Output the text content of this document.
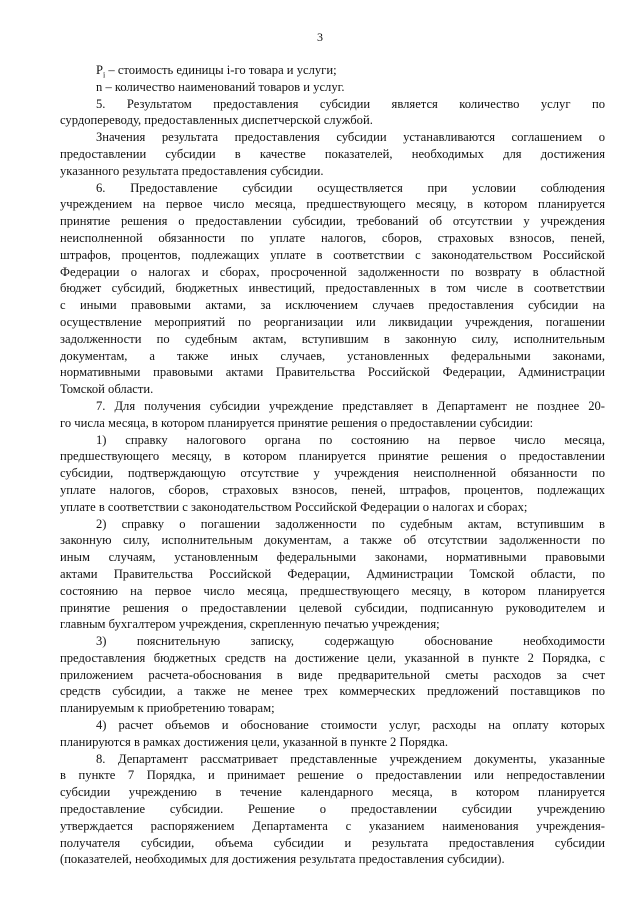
3
$P_i$ – стоимость единицы i-го товара и услуги;
n – количество наименований товаров и услуг.
5. Результатом предоставления субсидии является количество услуг по
сурдопереводу, предоставленных диспетчерской службой.
Значения результата предоставления субсидии устанавливаются соглашением о
предоставлении субсидии в качестве показателей, необходимых для достижения
указанного результата предоставления субсидии.
6. Предоставление субсидии осуществляется при условии соблюдения
учреждением на первое число месяца, предшествующего месяцу, в котором планируется
принятие решения о предоставлении субсидии, требований об отсутствии у учреждения
неисполненной обязанности по уплате налогов, сборов, страховых взносов, пеней,
штрафов, процентов, подлежащих уплате в соответствии с законодательством Российской
Федерации о налогах и сборах, просроченной задолженности по возврату в областной
бюджет субсидий, бюджетных инвестиций, предоставленных в том числе в соответствии
с иными правовыми актами, за исключением случаев предоставления субсидии на
осуществление мероприятий по реорганизации или ликвидации учреждения, погашении
задолженности по судебным актам, вступившим в законную силу, исполнительным
документам, а также иных случаев, установленных федеральными законами,
нормативными правовыми актами Правительства Российской Федерации, Администрации
Томской области.
7. Для получения субсидии учреждение представляет в Департамент не позднее 20-
го числа месяца, в котором планируется принятие решения о предоставлении субсидии:
1) справку налогового органа по состоянию на первое число месяца,
предшествующего месяцу, в котором планируется принятие решения о предоставлении
субсидии, подтверждающую отсутствие у учреждения неисполненной обязанности по
уплате налогов, сборов, страховых взносов, пеней, штрафов, процентов, подлежащих
уплате в соответствии с законодательством Российской Федерации о налогах и сборах;
2) справку о погашении задолженности по судебным актам, вступившим в
законную силу, исполнительным документам, а также об отсутствии задолженности по
иным случаям, установленным федеральными законами, нормативными правовыми
актами Правительства Российской Федерации, Администрации Томской области, по
состоянию на первое число месяца, предшествующего месяцу, в котором планируется
принятие решения о предоставлении целевой субсидии, подписанную руководителем и
главным бухгалтером учреждения, скрепленную печатью учреждения;
3) пояснительную записку, содержащую обоснование необходимости
предоставления бюджетных средств на достижение цели, указанной в пункте 2 Порядка, с
приложением расчета-обоснования в виде предварительной сметы расходов за счет
средств субсидии, а также не менее трех коммерческих предложений поставщиков по
планируемым к приобретению товарам;
4) расчет объемов и обоснование стоимости услуг, расходы на оплату которых
планируются в рамках достижения цели, указанной в пункте 2 Порядка.
8. Департамент рассматривает представленные учреждением документы, указанные
в пункте 7 Порядка, и принимает решение о предоставлении или непредоставлении
субсидии учреждению в течение календарного месяца, в котором планируется
предоставление субсидии. Решение о предоставлении субсидии учреждению
утверждается распоряжением Департамента с указанием наименования учреждения-
получателя субсидии, объема субсидии и результата предоставления субсидии
(показателей, необходимых для достижения результата предоставления субсидии).
